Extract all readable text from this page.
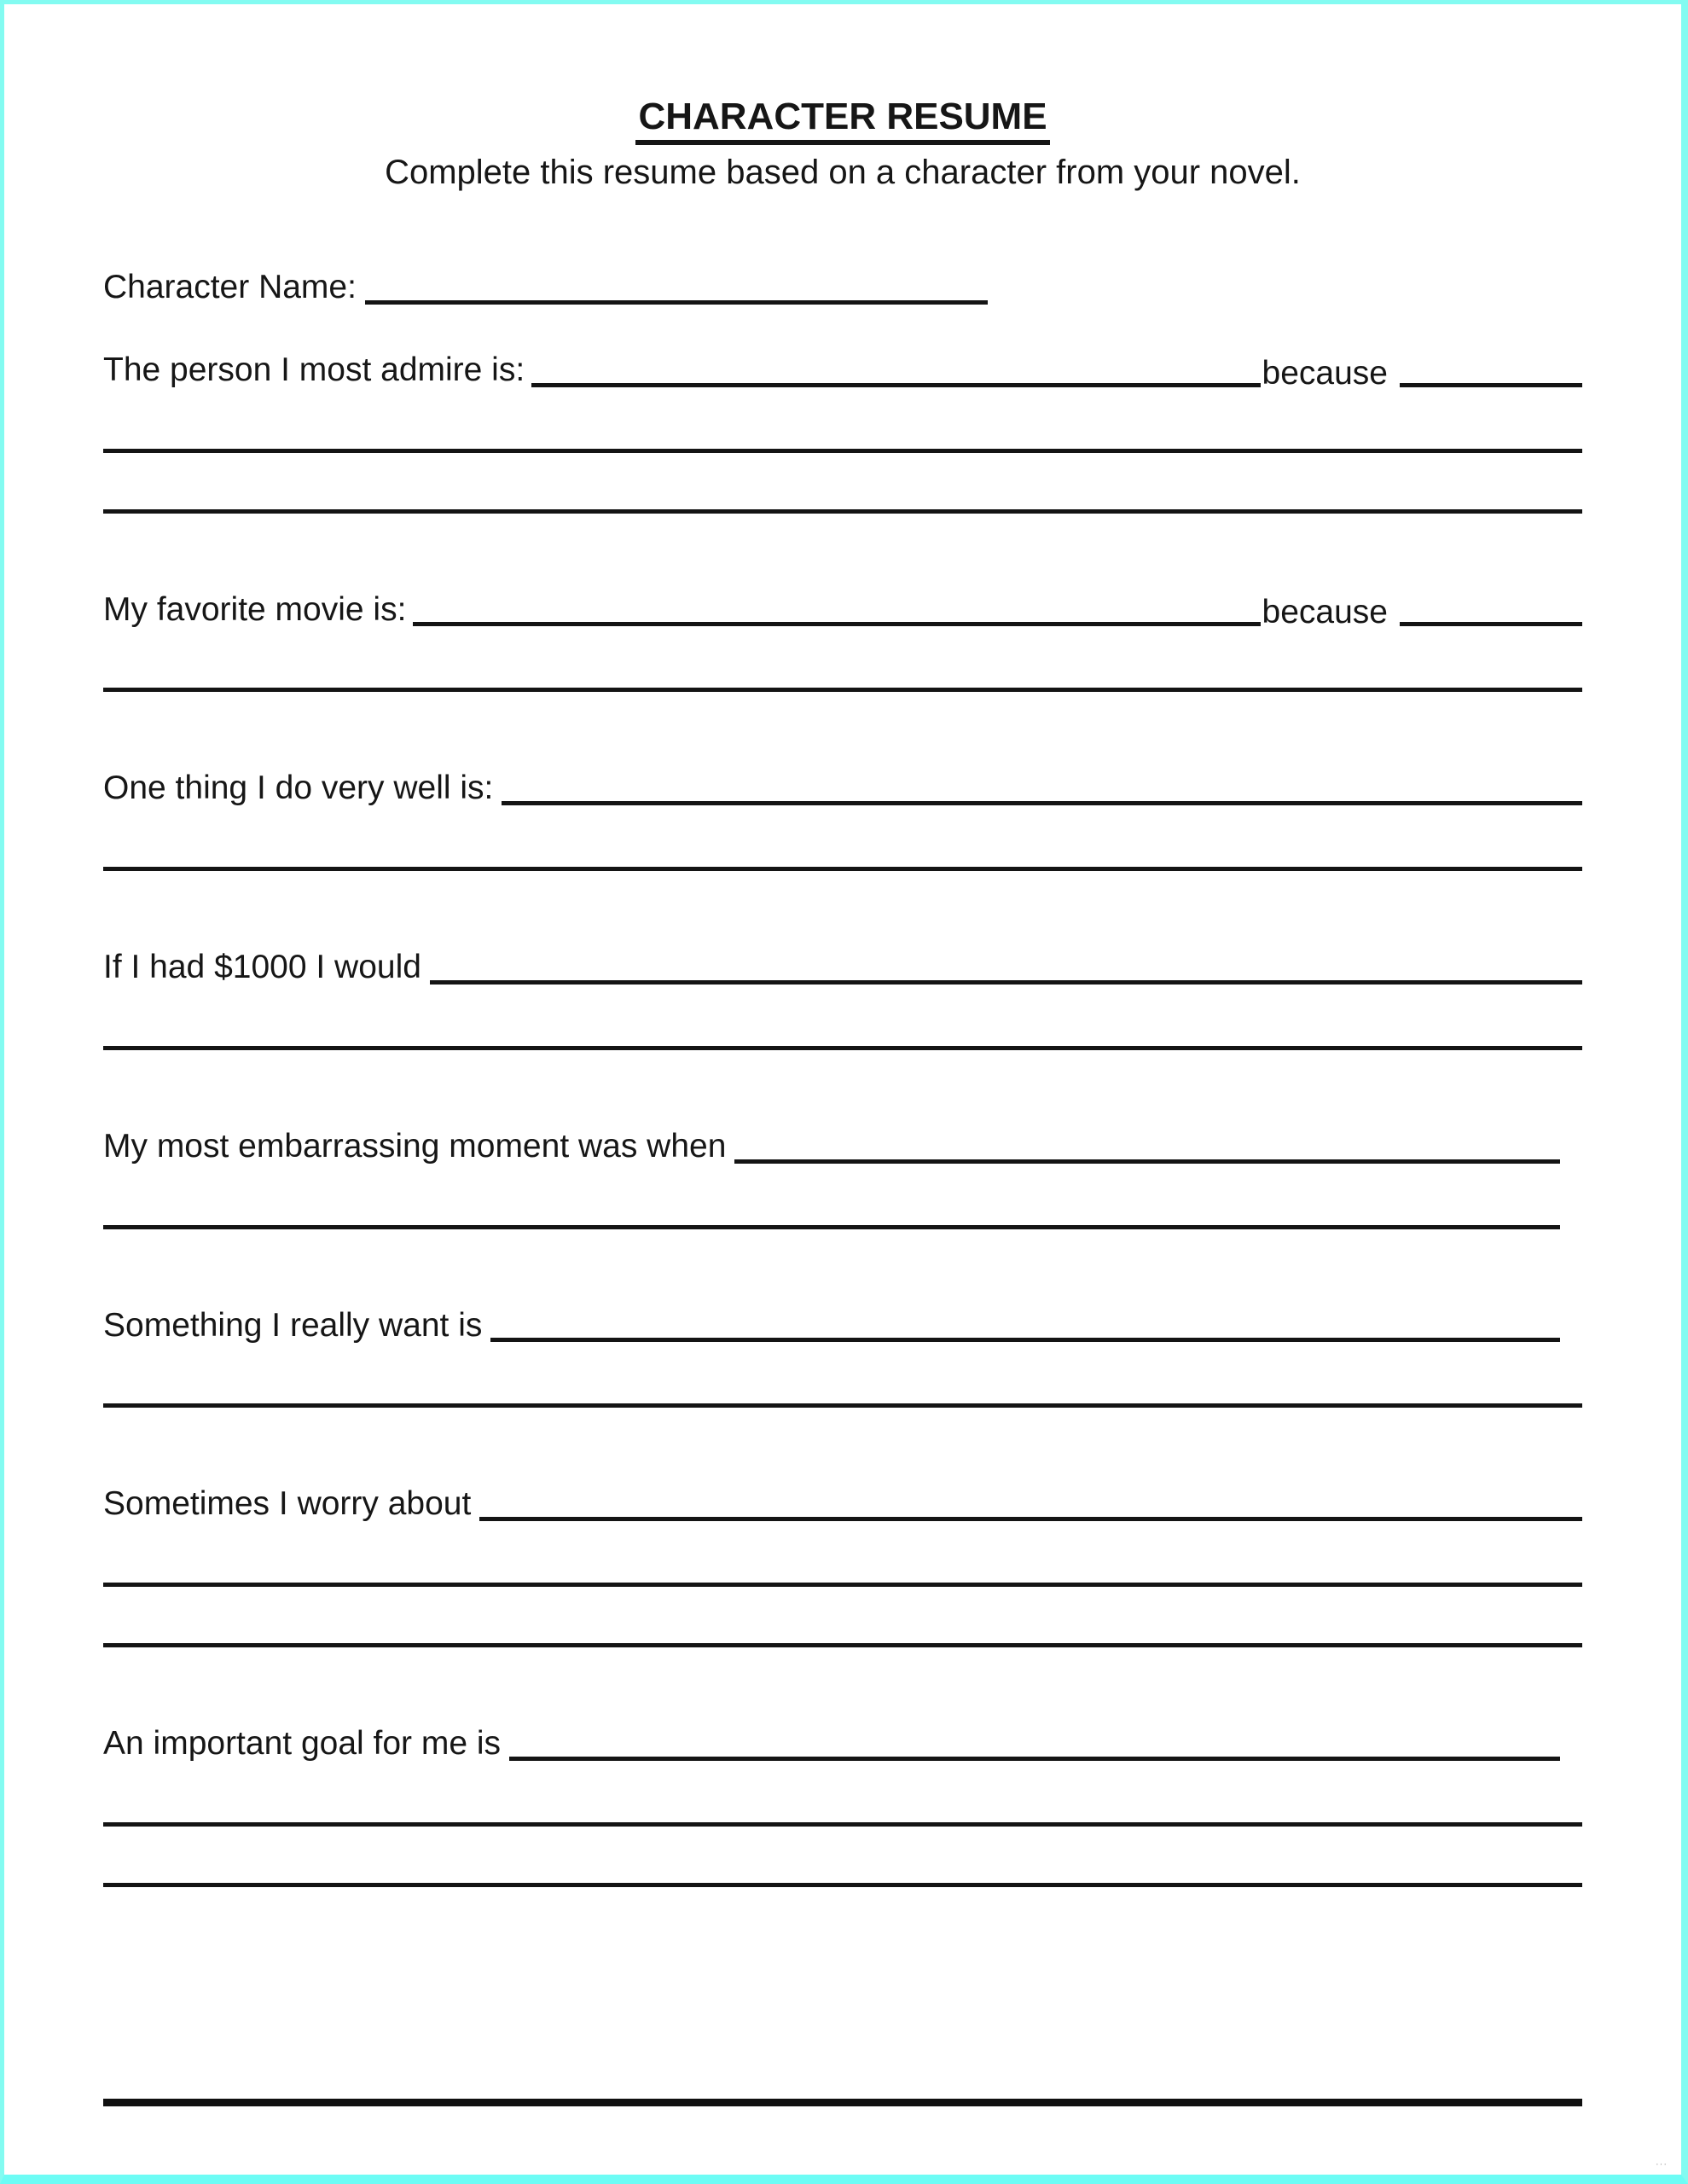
CHARACTER RESUME
Complete this resume based on a character from your novel.
Character Name:
The person I most admire is:	because
My favorite movie is:	because
One thing I do very well is:
If I had $1000 I would
My most embarrassing moment was when
Something I really want is
Sometimes I worry about
An important goal for me is
···
